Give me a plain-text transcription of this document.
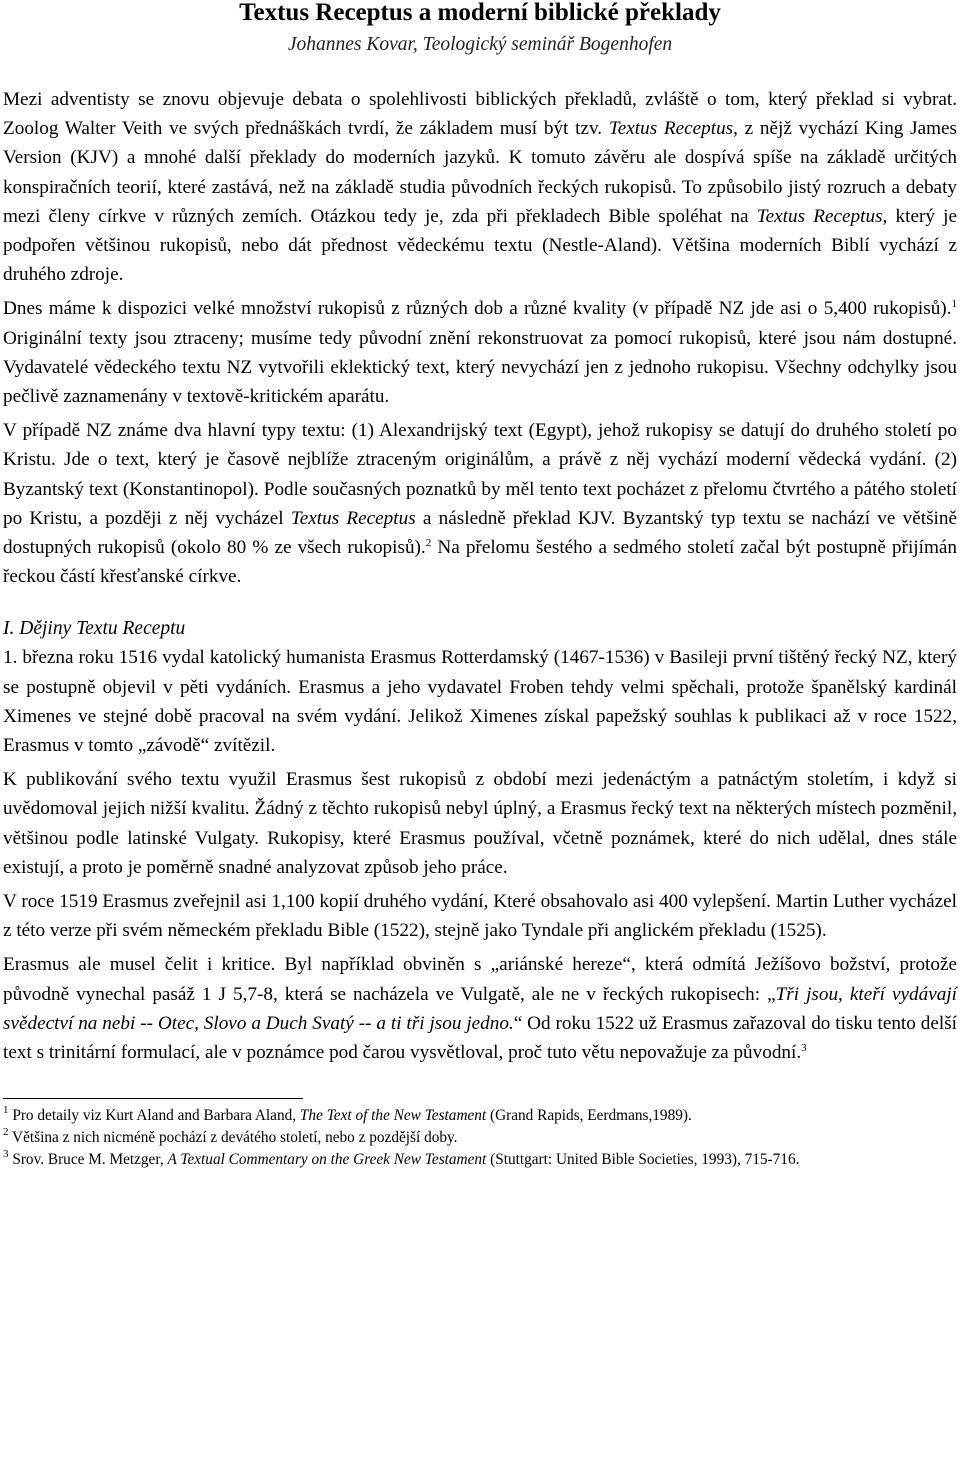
Textus Receptus a moderní biblické překlady
Johannes Kovar, Teologický seminář Bogenhofen

Mezi adventisty se znovu objevuje debata o spolehlivosti biblických překladů, zvláště o tom, který překlad si vybrat. Zoolog Walter Veith ve svých přednáškách tvrdí, že základem musí být tzv. Textus Receptus, z nějž vychází King James Version (KJV) a mnohé další překlady do moderních jazyků. K tomuto závěru ale dospívá spíše na základě určitých konspiračních teorií, které zastává, než na základě studia původních řeckých rukopisů. To způsobilo jistý rozruch a debaty mezi členy církve v různých zemích. Otázkou tedy je, zda při překladech Bible spoléhat na Textus Receptus, který je podpořen většinou rukopisů, nebo dát přednost vědeckému textu (Nestle-Aland). Většina moderních Biblí vychází z druhého zdroje.

Dnes máme k dispozici velké množství rukopisů z různých dob a různé kvality (v případě NZ jde asi o 5,400 rukopisů).$^1$ Originální texty jsou ztraceny; musíme tedy původní znění rekonstruovat za pomocí rukopisů, které jsou nám dostupné. Vydavatelé vědeckého textu NZ vytvořili eklektický text, který nevychází jen z jednoho rukopisu. Všechny odchylky jsou pečlivě zaznamenány v textově-kritickém aparátu.

V případě NZ známe dva hlavní typy textu: (1) Alexandrijský text (Egypt), jehož rukopisy se datují do druhého století po Kristu. Jde o text, který je časově nejblíže ztraceným originálům, a právě z něj vychází moderní vědecká vydání. (2) Byzantský text (Konstantinopol). Podle současných poznatků by měl tento text pocházet z přelomu čtvrtého a pátého století po Kristu, a později z něj vycházel Textus Receptus a následně překlad KJV. Byzantský typ textu se nachází ve většině dostupných rukopisů (okolo 80 % ze všech rukopisů).$^2$ Na přelomu šestého a sedmého století začal být postupně přijímán řeckou částí křesťanské církve.

I. Dějiny Textu Receptu

1. března roku 1516 vydal katolický humanista Erasmus Rotterdamský (1467-1536) v Basileji první tištěný řecký NZ, který se postupně objevil v pěti vydáních. Erasmus a jeho vydavatel Froben tehdy velmi spěchali, protože španělský kardinál Ximenes ve stejné době pracoval na svém vydání. Jelikož Ximenes získal papežský souhlas k publikaci až v roce 1522, Erasmus v tomto „závodě“ zvítězil.

K publikování svého textu využil Erasmus šest rukopisů z období mezi jedenáctým a patnáctým stoletím, i když si uvědomoval jejich nižší kvalitu. Žádný z těchto rukopisů nebyl úplný, a Erasmus řecký text na některých místech pozměnil, většinou podle latinské Vulgaty. Rukopisy, které Erasmus používal, včetně poznámek, které do nich udělal, dnes stále existují, a proto je poměrně snadné analyzovat způsob jeho práce.

V roce 1519 Erasmus zveřejnil asi 1,100 kopií druhého vydání, Které obsahovalo asi 400 vylepšení. Martin Luther vycházel z této verze při svém německém překladu Bible (1522), stejně jako Tyndale při anglickém překladu (1525).

Erasmus ale musel čelit i kritice. Byl například obviněn s „ariánské hereze“, která odmítá Ježíšovo božství, protože původně vynechal pasáž 1 J 5,7-8, která se nacházela ve Vulgatě, ale ne v řeckých rukopisech: „Tři jsou, kteří vydávají svědectví na nebi -- Otec, Slovo a Duch Svatý -- a ti tři jsou jedno.“ Od roku 1522 už Erasmus zařazoval do tisku tento delší text s trinitární formulací, ale v poznámce pod čarou vysvětloval, proč tuto větu nepovažuje za původní.$^3$

$^1$ Pro detaily viz Kurt Aland and Barbara Aland, The Text of the New Testament (Grand Rapids, Eerdmans,1989).

$^2$ Většina z nich nicméně pochází z devátého století, nebo z pozdější doby.

$^3$ Srov. Bruce M. Metzger, A Textual Commentary on the Greek New Testament (Stuttgart: United Bible Societies, 1993), 715-716.
